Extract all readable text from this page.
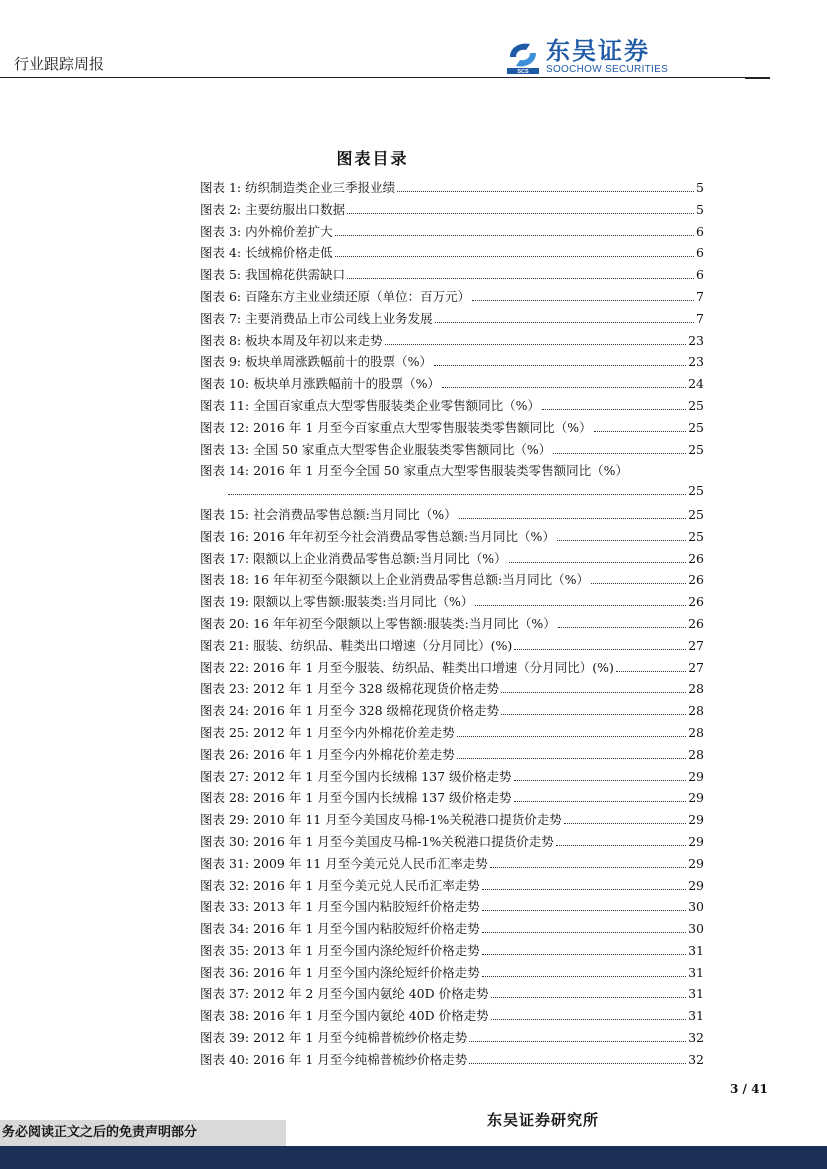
行业跟踪周报	SCS
东吴证券
SOOCHOW SECURITIES
图表目录
图表 1: 纺织制造类企业三季报业绩	5
图表 2: 主要纺服出口数据	5
图表 3: 内外棉价差扩大	6
图表 4: 长绒棉价格走低	6
图表 5: 我国棉花供需缺口	6
图表 6: 百隆东方主业业绩还原（单位：百万元）	7
图表 7: 主要消费品上市公司线上业务发展	7
图表 8: 板块本周及年初以来走势	23
图表 9: 板块单周涨跌幅前十的股票（%）	23
图表 10: 板块单月涨跌幅前十的股票（%）	24
图表 11: 全国百家重点大型零售服装类企业零售额同比（%）	25
图表 12: 2016 年 1 月至今百家重点大型零售服装类零售额同比（%）	25
图表 13: 全国 50 家重点大型零售企业服装类零售额同比（%）	25
图表 14: 2016 年 1 月至今全国 50 家重点大型零售服装类零售额同比（%）
25
图表 15: 社会消费品零售总额:当月同比（%）	25
图表 16: 2016 年年初至今社会消费品零售总额:当月同比（%）	25
图表 17: 限额以上企业消费品零售总额:当月同比（%）	26
图表 18: 16 年年初至今限额以上企业消费品零售总额:当月同比（%）	26
图表 19: 限额以上零售额:服装类:当月同比（%）	26
图表 20: 16 年年初至今限额以上零售额:服装类:当月同比（%）	26
图表 21: 服装、纺织品、鞋类出口增速（分月同比）(%)	27
图表 22: 2016 年 1 月至今服装、纺织品、鞋类出口增速（分月同比）(%)	27
图表 23: 2012 年 1 月至今 328 级棉花现货价格走势	28
图表 24: 2016 年 1 月至今 328 级棉花现货价格走势	28
图表 25: 2012 年 1 月至今内外棉花价差走势	28
图表 26: 2016 年 1 月至今内外棉花价差走势	28
图表 27: 2012 年 1 月至今国内长绒棉 137 级价格走势	29
图表 28: 2016 年 1 月至今国内长绒棉 137 级价格走势	29
图表 29: 2010 年 11 月至今美国皮马棉-1%关税港口提货价走势	29
图表 30: 2016 年 1 月至今美国皮马棉-1%关税港口提货价走势	29
图表 31: 2009 年 11 月至今美元兑人民币汇率走势	29
图表 32: 2016 年 1 月至今美元兑人民币汇率走势	29
图表 33: 2013 年 1 月至今国内粘胶短纤价格走势	30
图表 34: 2016 年 1 月至今国内粘胶短纤价格走势	30
图表 35: 2013 年 1 月至今国内涤纶短纤价格走势	31
图表 36: 2016 年 1 月至今国内涤纶短纤价格走势	31
图表 37: 2012 年 2 月至今国内氨纶 40D 价格走势	31
图表 38: 2016 年 1 月至今国内氨纶 40D 价格走势	31
图表 39: 2012 年 1 月至今纯棉普梳纱价格走势	32
图表 40: 2016 年 1 月至今纯棉普梳纱价格走势	32
3 / 41
东吴证券研究所
务必阅读正文之后的免责声明部分
